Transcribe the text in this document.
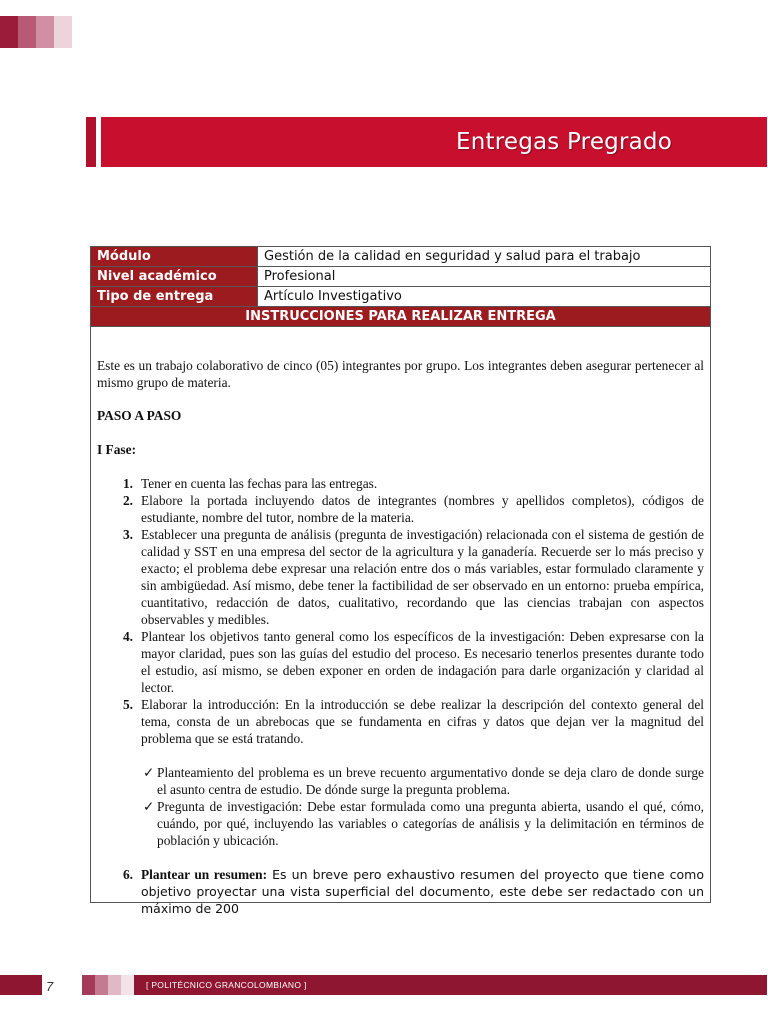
Entregas Pregrado
Módulo	Gestión de la calidad en seguridad y salud para el trabajo
Nivel académico	Profesional
Tipo de entrega	Artículo Investigativo
INSTRUCCIONES PARA REALIZAR ENTREGA	

Este es un trabajo colaborativo de cinco (05) integrantes por grupo. Los integrantes deben asegurar pertenecer al mismo grupo de materia.

PASO A PASO

I Fase:

1. Tener en cuenta las fechas para las entregas.
2. Elabore la portada incluyendo datos de integrantes (nombres y apellidos completos), códigos de estudiante, nombre del tutor, nombre de la materia.
3. Establecer una pregunta de análisis (pregunta de investigación) relacionada con el sistema de gestión de calidad y SST en una empresa del sector de la agricultura y la ganadería. Recuerde ser lo más preciso y exacto; el problema debe expresar una relación entre dos o más variables, estar formulado claramente y sin ambigüedad. Así mismo, debe tener la factibilidad de ser observado en un entorno: prueba empírica, cuantitativo, redacción de datos, cualitativo, recordando que las ciencias trabajan con aspectos observables y medibles.
4. Plantear los objetivos tanto general como los específicos de la investigación: Deben expresarse con la mayor claridad, pues son las guías del estudio del proceso. Es necesario tenerlos presentes durante todo el estudio, así mismo, se deben exponer en orden de indagación para darle organización y claridad al lector.
5. Elaborar la introducción: En la introducción se debe realizar la descripción del contexto general del tema, consta de un abrebocas que se fundamenta en cifras y datos que dejan ver la magnitud del problema que se está tratando.
✓ Planteamiento del problema es un breve recuento argumentativo donde se deja claro de donde surge el asunto centra de estudio. De dónde surge la pregunta problema.
✓ Pregunta de investigación: Debe estar formulada como una pregunta abierta, usando el qué, cómo, cuándo, por qué, incluyendo las variables o categorías de análisis y la delimitación en términos de población y ubicación.
6. Plantear un resumen: Es un breve pero exhaustivo resumen del proyecto que tiene como objetivo proyectar una vista superficial del documento, este debe ser redactado con un máximo de 200
7	[ POLITÉCNICO GRANCOLOMBIANO ]
